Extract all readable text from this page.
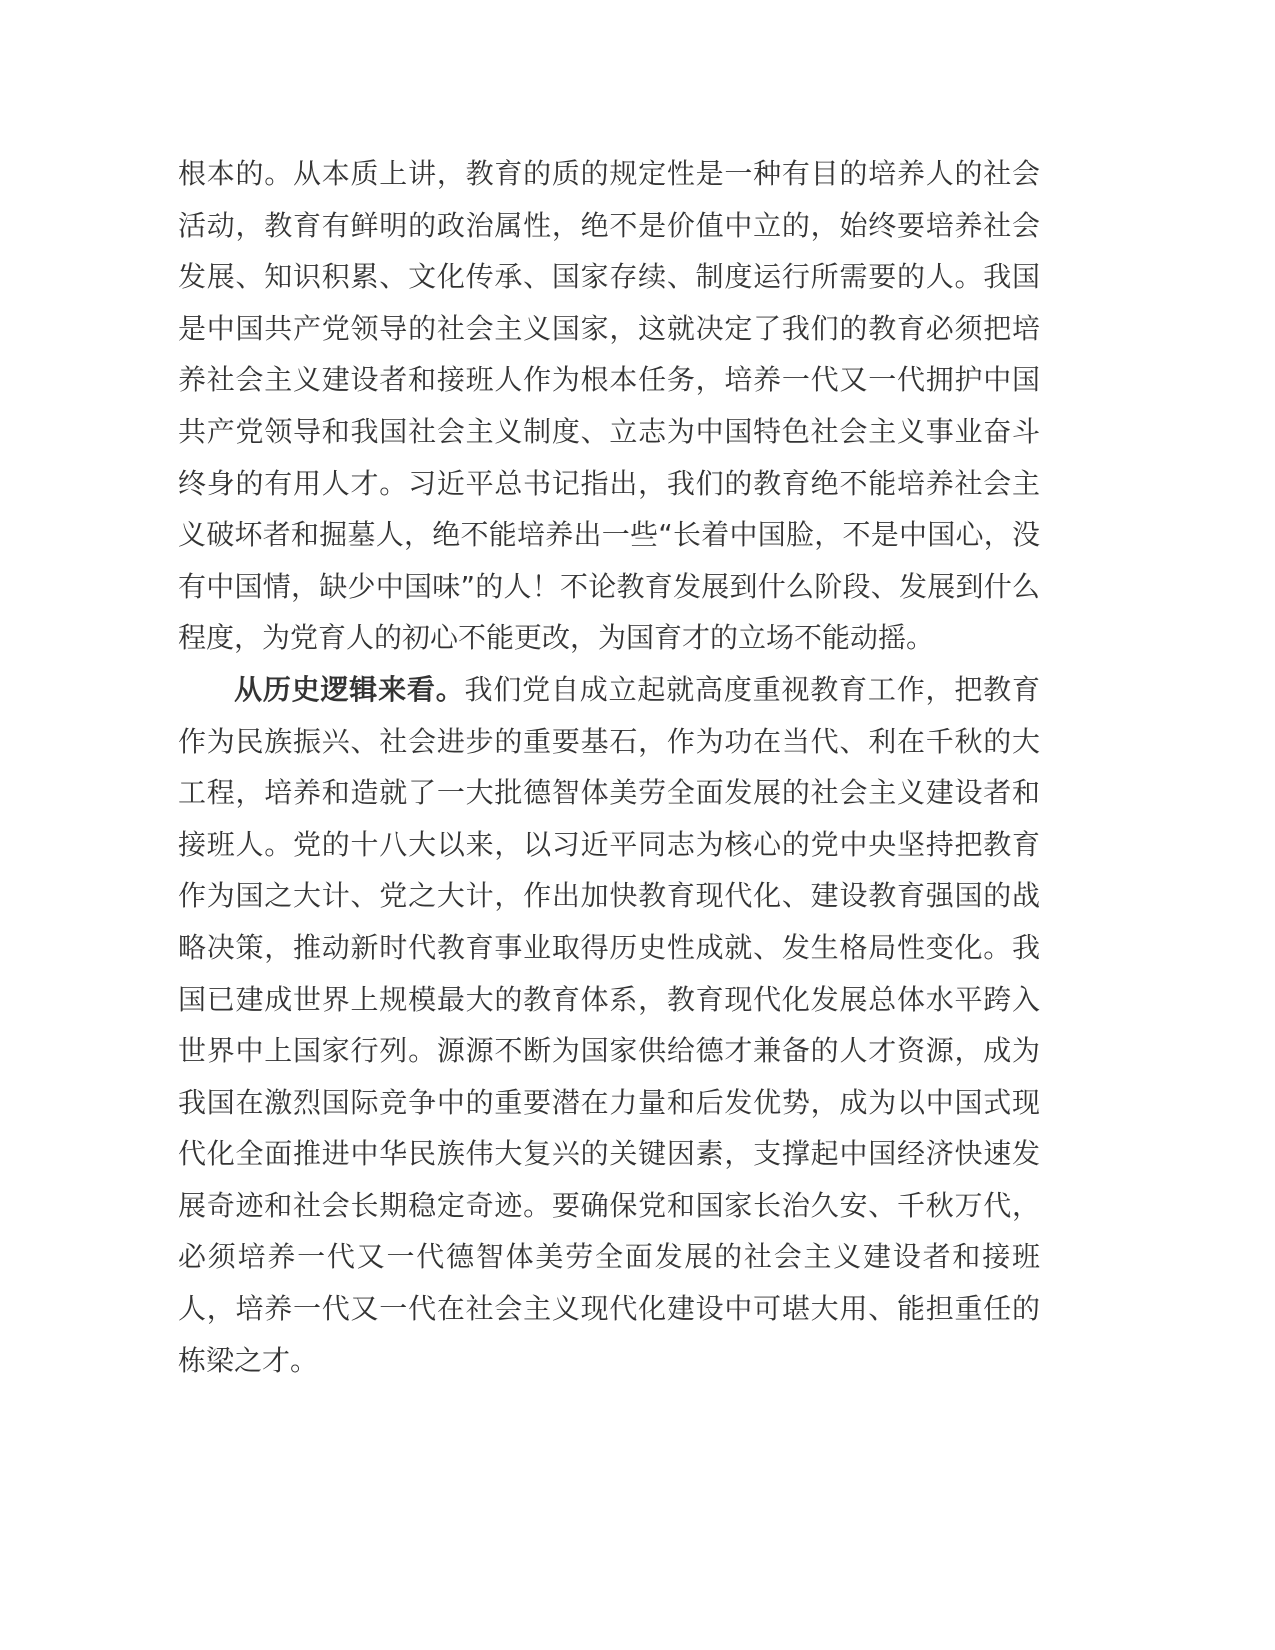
根本的。从本质上讲，教育的质的规定性是一种有目的培养人的社会活动，教育有鲜明的政治属性，绝不是价值中立的，始终要培养社会发展、知识积累、文化传承、国家存续、制度运行所需要的人。我国是中国共产党领导的社会主义国家，这就决定了我们的教育必须把培养社会主义建设者和接班人作为根本任务，培养一代又一代拥护中国共产党领导和我国社会主义制度、立志为中国特色社会主义事业奋斗终身的有用人才。习近平总书记指出，我们的教育绝不能培养社会主义破坏者和掘墓人，绝不能培养出一些“长着中国脸，不是中国心，没有中国情，缺少中国味”的人！不论教育发展到什么阶段、发展到什么程度，为党育人的初心不能更改，为国育才的立场不能动摇。

从历史逻辑来看。我们党自成立起就高度重视教育工作，把教育作为民族振兴、社会进步的重要基石，作为功在当代、利在千秋的大工程，培养和造就了一大批德智体美劳全面发展的社会主义建设者和接班人。党的十八大以来，以习近平同志为核心的党中央坚持把教育作为国之大计、党之大计，作出加快教育现代化、建设教育强国的战略决策，推动新时代教育事业取得历史性成就、发生格局性变化。我国已建成世界上规模最大的教育体系，教育现代化发展总体水平跨入世界中上国家行列。源源不断为国家供给德才兼备的人才资源，成为我国在激烈国际竞争中的重要潜在力量和后发优势，成为以中国式现代化全面推进中华民族伟大复兴的关键因素，支撑起中国经济快速发展奇迹和社会长期稳定奇迹。要确保党和国家长治久安、千秋万代，必须培养一代又一代德智体美劳全面发展的社会主义建设者和接班人，培养一代又一代在社会主义现代化建设中可堪大用、能担重任的栋梁之才。
